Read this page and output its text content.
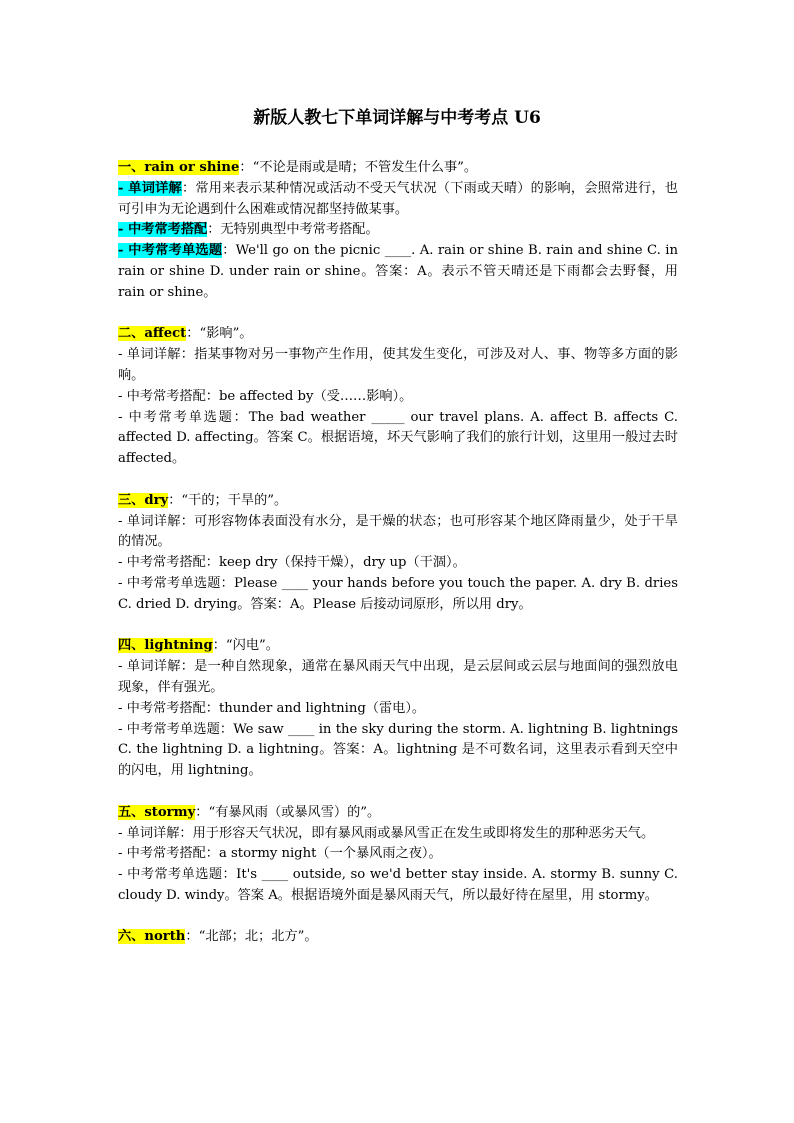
新版人教七下单词详解与中考考点 U6

一、rain or shine：“不论是雨或是晴；不管发生什么事”。

- 单词详解：常用来表示某种情况或活动不受天气状况（下雨或天晴）的影响，会照常进行，也可引申为无论遇到什么困难或情况都坚持做某事。

- 中考常考搭配：无特别典型中考常考搭配。

- 中考常考单选题：We'll go on the picnic ____. A. rain or shine B. rain and shine C. in rain or shine D. under rain or shine。答案：A。表示不管天晴还是下雨都会去野餐，用 rain or shine。

二、affect：“影响”。

- 单词详解：指某事物对另一事物产生作用，使其发生变化，可涉及对人、事、物等多方面的影响。

- 中考常考搭配：be affected by（受……影响）。

- 中考常考单选题：The bad weather _____ our travel plans. A. affect B. affects C. affected D. affecting。答案 C。根据语境，坏天气影响了我们的旅行计划，这里用一般过去时 affected。

三、dry：“干的；干旱的”。

- 单词详解：可形容物体表面没有水分，是干燥的状态；也可形容某个地区降雨量少，处于干旱的情况。

- 中考常考搭配：keep dry（保持干燥），dry up（干涸）。

- 中考常考单选题：Please ____ your hands before you touch the paper. A. dry B. dries C. dried D. drying。答案：A。Please 后接动词原形，所以用 dry。

四、lightning：“闪电”。

- 单词详解：是一种自然现象，通常在暴风雨天气中出现，是云层间或云层与地面间的强烈放电现象，伴有强光。

- 中考常考搭配：thunder and lightning（雷电）。

- 中考常考单选题：We saw ____ in the sky during the storm. A. lightning B. lightnings C. the lightning D. a lightning。答案：A。lightning 是不可数名词，这里表示看到天空中的闪电，用 lightning。

五、stormy：“有暴风雨（或暴风雪）的”。

- 单词详解：用于形容天气状况，即有暴风雨或暴风雪正在发生或即将发生的那种恶劣天气。

- 中考常考搭配：a stormy night（一个暴风雨之夜）。

- 中考常考单选题：It's ____ outside, so we'd better stay inside. A. stormy B. sunny C. cloudy D. windy。答案 A。根据语境外面是暴风雨天气，所以最好待在屋里，用 stormy。

六、north：“北部；北；北方”。
